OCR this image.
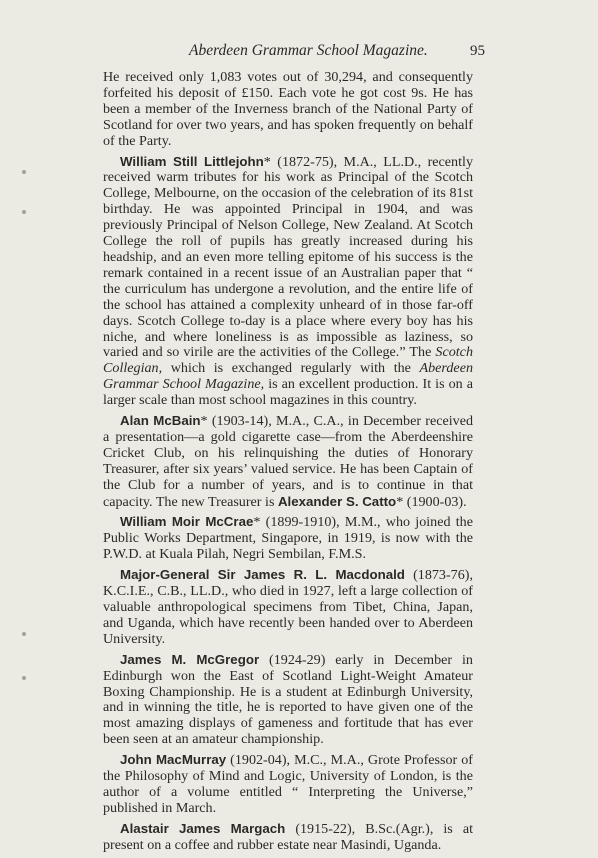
Aberdeen Grammar School Magazine.	95

He received only 1,083 votes out of 30,294, and consequently forfeited his deposit of £150. Each vote he got cost 9s. He has been a member of the Inverness branch of the National Party of Scotland for over two years, and has spoken frequently on behalf of the Party.

William Still Littlejohn* (1872-75), M.A., LL.D., recently received warm tributes for his work as Principal of the Scotch College, Melbourne, on the occasion of the celebration of its 81st birthday. He was appointed Principal in 1904, and was previously Principal of Nelson College, New Zealand. At Scotch College the roll of pupils has greatly increased during his headship, and an even more telling epitome of his success is the remark contained in a recent issue of an Australian paper that “ the curriculum has undergone a revolution, and the entire life of the school has attained a complexity unheard of in those far-off days. Scotch College to-day is a place where every boy has his niche, and where loneliness is as impossible as laziness, so varied and so virile are the activities of the College.” The Scotch Collegian, which is exchanged regularly with the Aberdeen Grammar School Magazine, is an excellent production. It is on a larger scale than most school magazines in this country.

Alan McBain* (1903-14), M.A., C.A., in December received a presentation—a gold cigarette case—from the Aberdeenshire Cricket Club, on his relinquishing the duties of Honorary Treasurer, after six years’ valued service. He has been Captain of the Club for a number of years, and is to continue in that capacity. The new Treasurer is Alexander S. Catto* (1900-03).

William Moir McCrae* (1899-1910), M.M., who joined the Public Works Department, Singapore, in 1919, is now with the P.W.D. at Kuala Pilah, Negri Sembilan, F.M.S.

Major-General Sir James R. L. Macdonald (1873-76), K.C.I.E., C.B., LL.D., who died in 1927, left a large collection of valuable anthropological specimens from Tibet, China, Japan, and Uganda, which have recently been handed over to Aberdeen University.

James M. McGregor (1924-29) early in December in Edinburgh won the East of Scotland Light-Weight Amateur Boxing Championship. He is a student at Edinburgh University, and in winning the title, he is reported to have given one of the most amazing displays of gameness and fortitude that has ever been seen at an amateur championship.

John MacMurray (1902-04), M.C., M.A., Grote Professor of the Philosophy of Mind and Logic, University of London, is the author of a volume entitled “ Interpreting the Universe,” published in March.

Alastair James Margach (1915-22), B.Sc.(Agr.), is at present on a coffee and rubber estate near Masindi, Uganda.
